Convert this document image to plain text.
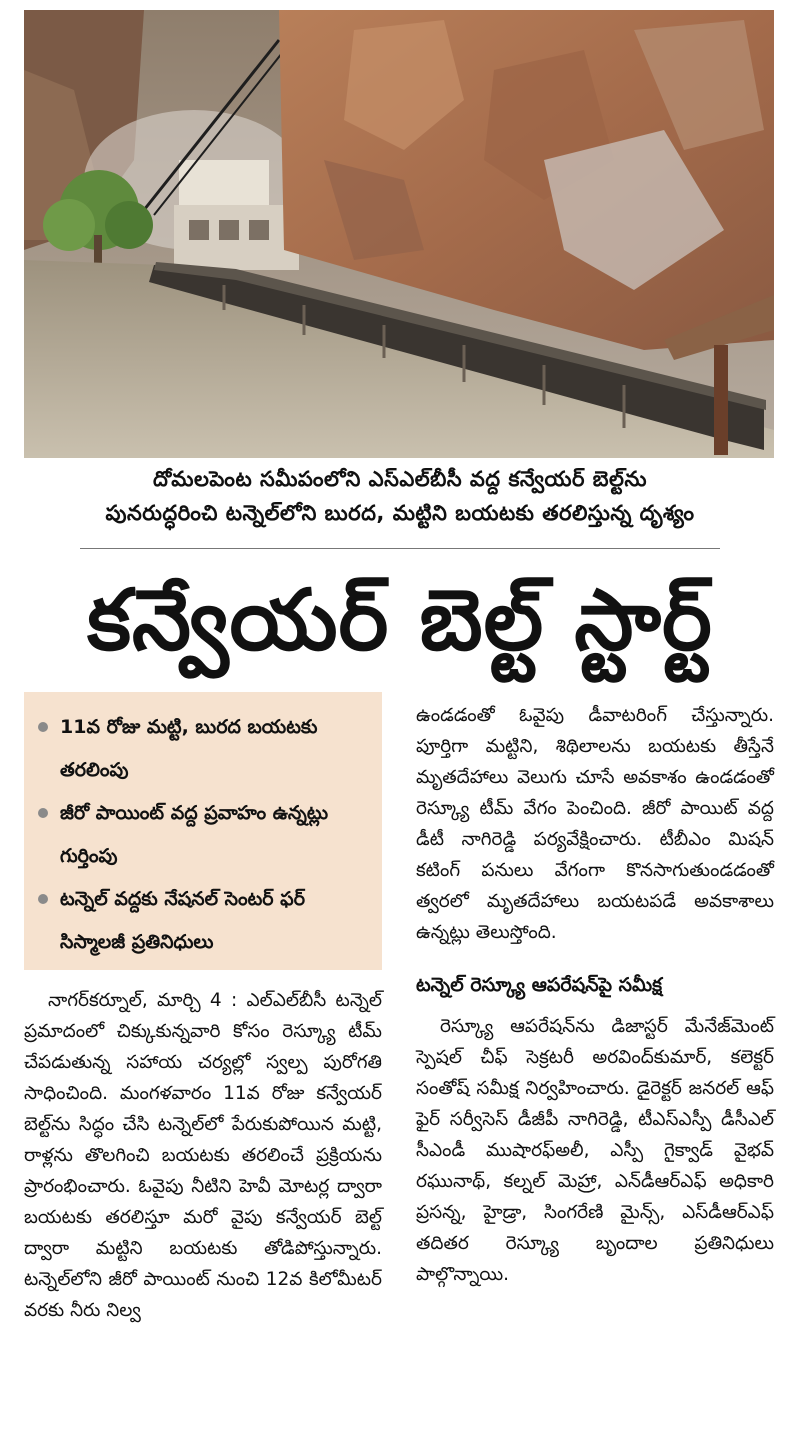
దోమలపెంట సమీపంలోని ఎస్‌ఎల్‌బీసీ వద్ద కన్వేయర్ బెల్ట్‌ను
పునరుద్ధరించి టన్నెల్‌లోని బురద, మట్టిని బయటకు తరలిస్తున్న దృశ్యం
కన్వేయర్ బెల్ట్ స్టార్ట్
11వ రోజు మట్టి, బురద బయటకు తరలింపు
జీరో పాయింట్ వద్ద ప్రవాహం ఉన్నట్లు గుర్తింపు
టన్నెల్ వద్దకు నేషనల్ సెంటర్ ఫర్ సిస్మాలజీ ప్రతినిధులు

నాగర్‌కర్నూల్, మార్చి 4 : ఎల్‌ఎల్‌బీసీ టన్నెల్ ప్రమాదంలో చిక్కుకున్నవారి కోసం రెస్క్యూ టీమ్ చేపడుతున్న సహాయ చర్యల్లో స్వల్ప పురోగతి సాధించింది. మంగళవారం 11వ రోజు కన్వేయర్ బెల్ట్‌ను సిద్ధం చేసి టన్నెల్‌లో పేరుకుపోయిన మట్టి, రాళ్లను తొలగించి బయటకు తరలించే ప్రక్రియను ప్రారంభించారు. ఓవైపు నీటిని హెవీ మోటర్ల ద్వారా బయటకు తరలిస్తూ మరో వైపు కన్వేయర్ బెల్ట్ ద్వారా మట్టిని బయటకు తోడిపోస్తున్నారు. టన్నెల్‌లోని జీరో పాయింట్ నుంచి 12వ కిలోమీటర్ వరకు నీరు నిల్వ

ఉండడంతో ఓవైపు డీవాటరింగ్ చేస్తున్నారు. పూర్తిగా మట్టిని, శిథిలాలను బయటకు తీస్తేనే మృతదేహాలు వెలుగు చూసే అవకాశం ఉండడంతో రెస్క్యూ టీమ్ వేగం పెంచింది. జీరో పాయిట్ వద్ద డీటీ నాగిరెడ్డి పర్యవేక్షించారు. టీబీఎం మిషన్ కటింగ్ పనులు వేగంగా కొనసాగుతుండడంతో త్వరలో మృతదేహాలు బయటపడే అవకాశాలు ఉన్నట్లు తెలుస్తోంది.

టన్నెల్ రెస్క్యూ ఆపరేషన్‌పై సమీక్ష

రెస్క్యూ ఆపరేషన్‌ను డిజాస్టర్ మేనేజ్‌మెంట్ స్పెషల్ చీఫ్ సెక్రటరీ అరవింద్‌కుమార్, కలెక్టర్ సంతోష్ సమీక్ష నిర్వహించారు. డైరెక్టర్ జనరల్ ఆఫ్ ఫైర్ సర్వీసెస్ డీజీపీ నాగిరెడ్డి, టీఎస్‌ఎస్పీ డీసీఎల్ సీఎండీ ముషారఫ్‌అలీ, ఎస్పీ గైక్వాడ్ వైభవ్ రఘునాథ్, కల్నల్ మెహ్రా, ఎన్‌డీఆర్‌ఎఫ్ అధికారి ప్రసన్న, హైడ్రా, సింగరేణి మైన్స్, ఎస్‌డీఆర్‌ఎఫ్ తదితర రెస్క్యూ బృందాల ప్రతినిధులు పాల్గొన్నాయి.
